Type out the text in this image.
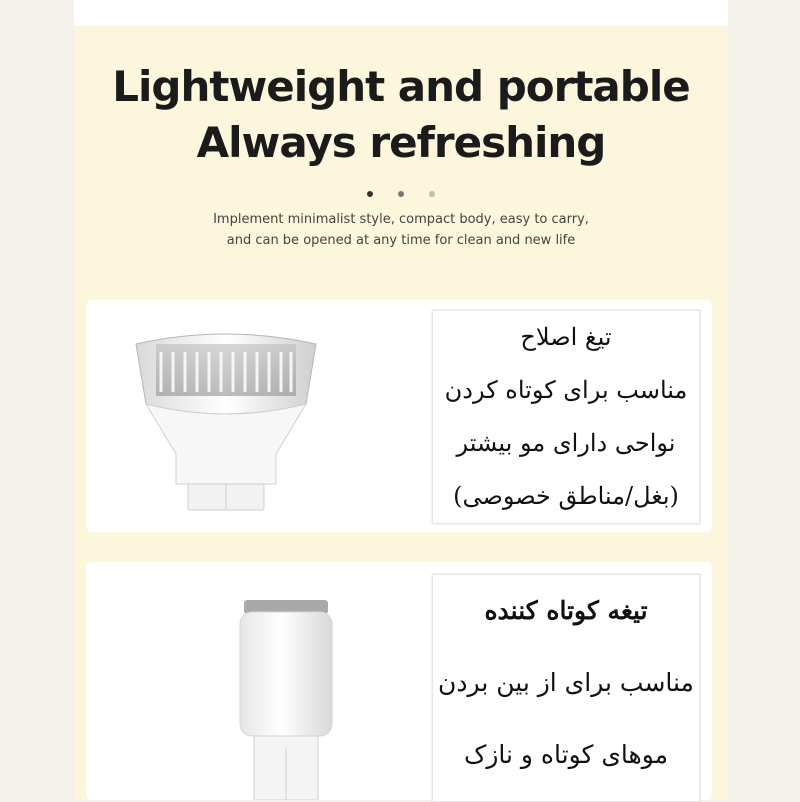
Lightweight and portable
Always refreshing

Implement minimalist style, compact body, easy to carry,
and can be opened at any time for clean and new life
تیغ اصلاح
مناسب برای کوتاه کردن
نواحی دارای مو بیشتر
(بغل/مناطق خصوصی)
تیغه کوتاه کننده
مناسب برای از بین بردن
موهای کوتاه و نازک
